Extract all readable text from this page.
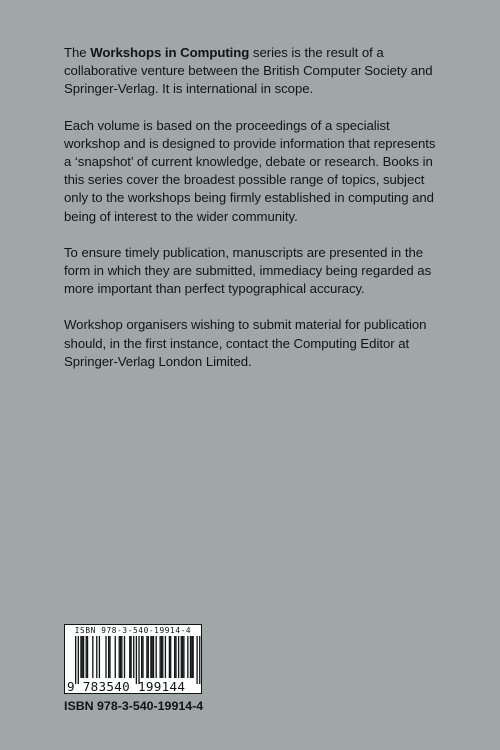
The Workshops in Computing series is the result of a collaborative venture between the British Computer Society and Springer-Verlag. It is international in scope.

Each volume is based on the proceedings of a specialist workshop and is designed to provide information that represents a ‘snapshot’ of current knowledge, debate or research. Books in this series cover the broadest possible range of topics, subject only to the workshops being firmly established in computing and being of interest to the wider community.

To ensure timely publication, manuscripts are presented in the form in which they are submitted, immediacy being regarded as more important than perfect typographical accuracy.

Workshop organisers wishing to submit material for publication should, in the first instance, contact the Computing Editor at Springer-Verlag London Limited.

ISBN 978-3-540-19914-4
9 783540 199144
ISBN 978-3-540-19914-4
